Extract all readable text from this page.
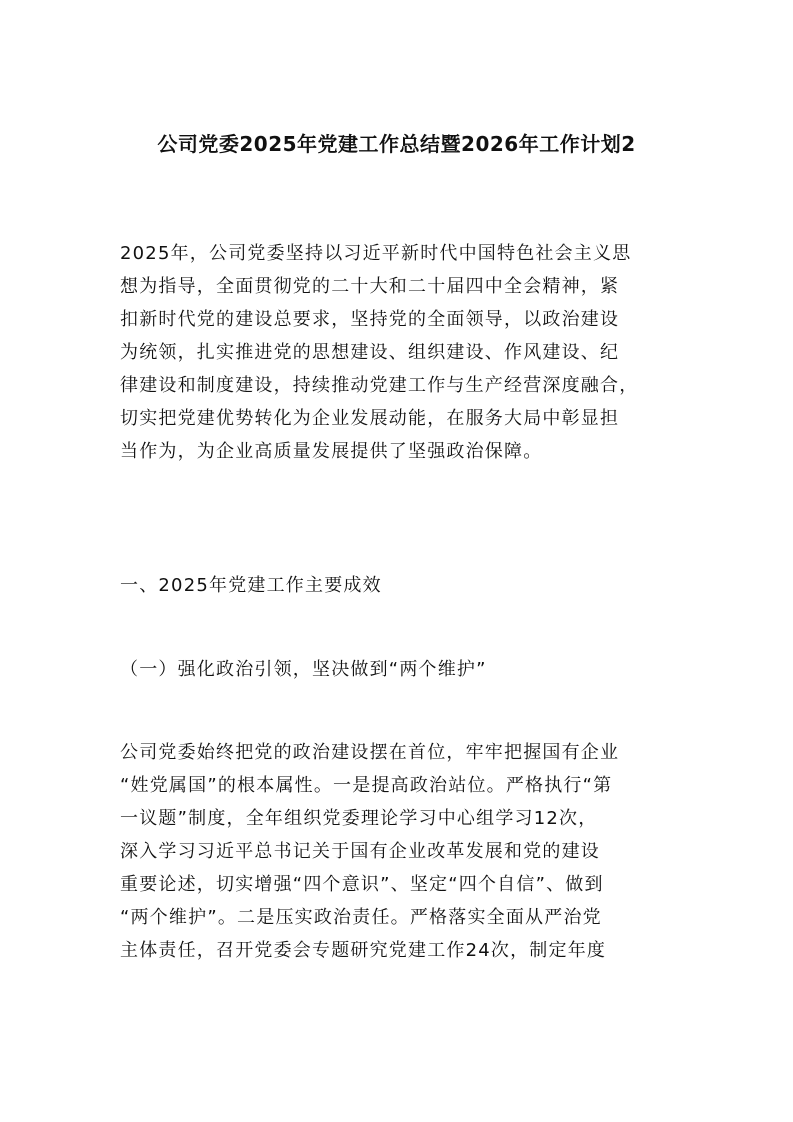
公司党委2025年党建工作总结暨2026年工作计划2
2025年，公司党委坚持以习近平新时代中国特色社会主义思
想为指导，全面贯彻党的二十大和二十届四中全会精神，紧
扣新时代党的建设总要求，坚持党的全面领导，以政治建设
为统领，扎实推进党的思想建设、组织建设、作风建设、纪
律建设和制度建设，持续推动党建工作与生产经营深度融合，
切实把党建优势转化为企业发展动能，在服务大局中彰显担
当作为，为企业高质量发展提供了坚强政治保障。
一、2025年党建工作主要成效
（一）强化政治引领，坚决做到“两个维护”
公司党委始终把党的政治建设摆在首位，牢牢把握国有企业
“姓党属国”的根本属性。一是提高政治站位。严格执行“第
一议题”制度，全年组织党委理论学习中心组学习12次，
深入学习习近平总书记关于国有企业改革发展和党的建设
重要论述，切实增强“四个意识”、坚定“四个自信”、做到
“两个维护”。二是压实政治责任。严格落实全面从严治党
主体责任，召开党委会专题研究党建工作24次，制定年度
